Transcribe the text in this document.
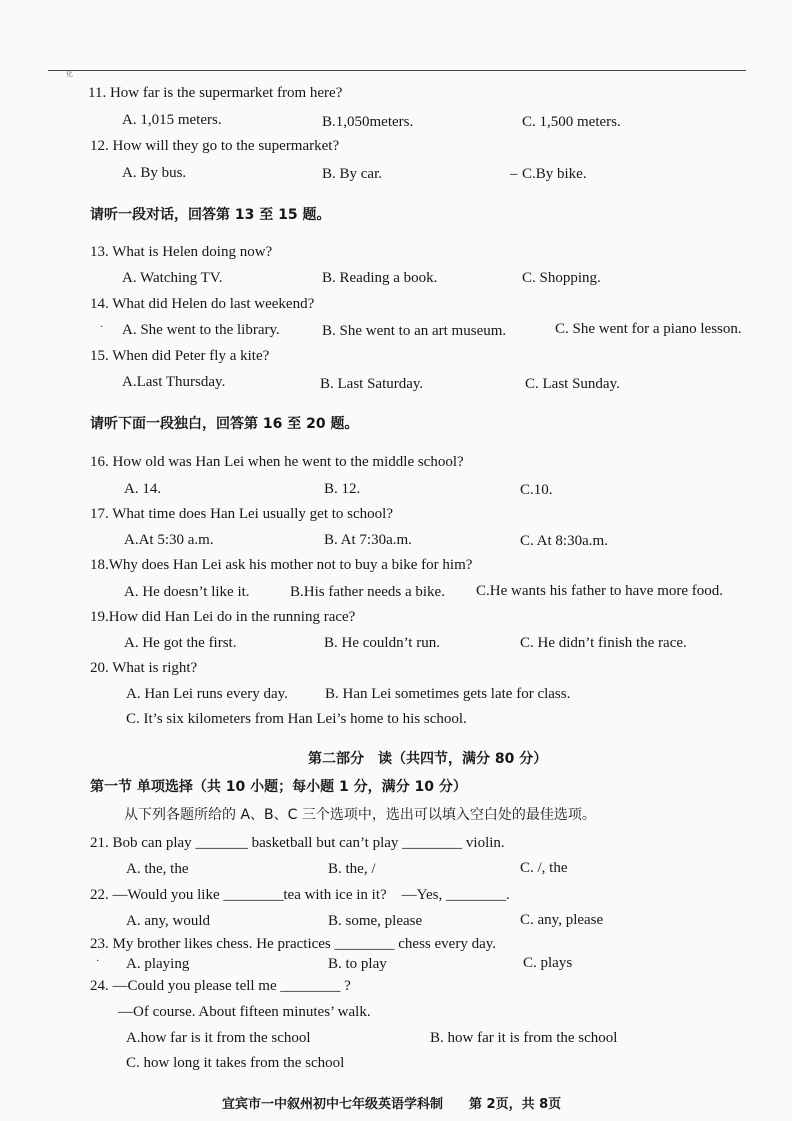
化
11. How far is the supermarket from here?
A. 1,015 meters.	B.1,050meters.	C. 1,500 meters.
12. How will they go to the supermarket?
A. By bus.	B. By car.	– C.By bike.
请听一段对话，回答第 13 至 15 题。
13. What is Helen doing now?
A. Watching TV.	B. Reading a book.	C. Shopping.
14. What did Helen do last weekend?
· A. She went to the library.	B. She went to an art museum.	C. She went for a piano lesson.
15. When did Peter fly a kite?
A.Last Thursday.	B. Last Saturday.	C. Last Sunday.
请听下面一段独白，回答第 16 至 20 题。
16. How old was Han Lei when he went to the middle school?
A. 14.	B. 12.	C.10.
17. What time does Han Lei usually get to school?
A.At 5:30 a.m.	B. At 7:30a.m.	C. At 8:30a.m.
18.Why does Han Lei ask his mother not to buy a bike for him?
A. He doesn’t like it.	B.His father needs a bike. C.He wants his father to have more food.
19.How did Han Lei do in the running race?
A. He got the first.	B. He couldn’t run.	C. He didn’t finish the race.
20. What is right?
A. Han Lei runs every day. B. Han Lei sometimes gets late for class.
C. It’s six kilometers from Han Lei’s home to his school.
第二部分　读（共四节，满分 80 分）
第一节 单项选择（共 10 小题；每小题 1 分，满分 10 分）
从下列各题所给的 A、B、C 三个选项中，选出可以填入空白处的最佳选项。
21. Bob can play _______ basketball but can’t play ________ violin.
A. the, the	B. the, /	C. /, the
22. —Would you like ________tea with ice in it?　—Yes, ________.
A. any, would	B. some, please	C. any, please
23. My brother likes chess. He practices ________ chess every day.
· A. playing	B. to play	C. plays
24. —Could you please tell me ________ ?
—Of course. About fifteen minutes’ walk.
A.how far is it from the school	B. how far it is from the school
C. how long it takes from the school
宜宾市一中叙州初中七年级英语学科制　　第 2页，共 8页
